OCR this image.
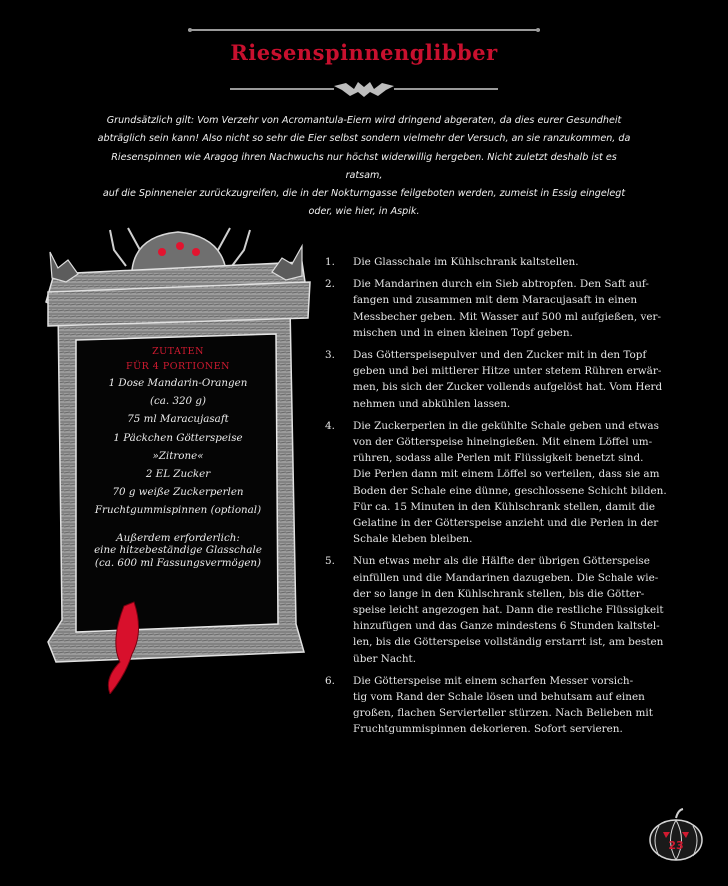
Riesenspinnenglibber
Grundsätzlich gilt: Vom Verzehr von Acromantula-Eiern wird dringend abgeraten, da dies eurer Gesundheit
abträglich sein kann! Also nicht so sehr die Eier selbst sondern vielmehr der Versuch, an sie ranzukommen, da
Riesenspinnen wie Aragog ihren Nachwuchs nur höchst widerwillig hergeben. Nicht zuletzt deshalb ist es ratsam,
auf die Spinneneier zurückzugreifen, die in der Nokturngasse feilgeboten werden, zumeist in Essig eingelegt
oder, wie hier, in Aspik.
ZUTATEN
FÜR 4 PORTIONEN
1 Dose Mandarin-Orangen
(ca. 320 g)
75 ml Maracujasaft
1 Päckchen Götterspeise
»Zitrone«
2 EL Zucker
70 g weiße Zuckerperlen
Fruchtgummispinnen (optional)
Außerdem erforderlich:
eine hitzebeständige Glasschale
(ca. 600 ml Fassungsvermögen)
1.	Die Glasschale im Kühlschrank kaltstellen.
2.	Die Mandarinen durch ein Sieb abtropfen. Den Saft auf-
fangen und zusammen mit dem Maracujasaft in einen
Messbecher geben. Mit Wasser auf 500 ml aufgießen, ver-
mischen und in einen kleinen Topf geben.
3.	Das Götterspeisepulver und den Zucker mit in den Topf
geben und bei mittlerer Hitze unter stetem Rühren erwär-
men, bis sich der Zucker vollends aufgelöst hat. Vom Herd
nehmen und abkühlen lassen.
4.	Die Zuckerperlen in die gekühlte Schale geben und etwas
von der Götterspeise hineingießen. Mit einem Löffel um-
rühren, sodass alle Perlen mit Flüssigkeit benetzt sind.
Die Perlen dann mit einem Löffel so verteilen, dass sie am
Boden der Schale eine dünne, geschlossene Schicht bilden.
Für ca. 15 Minuten in den Kühlschrank stellen, damit die
Gelatine in der Götterspeise anzieht und die Perlen in der
Schale kleben bleiben.
5.	Nun etwas mehr als die Hälfte der übrigen Götterspeise
einfüllen und die Mandarinen dazugeben. Die Schale wie-
der so lange in den Kühlschrank stellen, bis die Götter-
speise leicht angezogen hat. Dann die restliche Flüssigkeit
hinzufügen und das Ganze mindestens 6 Stunden kaltstel-
len, bis die Götterspeise vollständig erstarrt ist, am besten
über Nacht.
6.	Die Götterspeise mit einem scharfen Messer vorsich-
tig vom Rand der Schale lösen und behutsam auf einen
großen, flachen Servierteller stürzen. Nach Belieben mit
Fruchtgummispinnen dekorieren. Sofort servieren.
23
